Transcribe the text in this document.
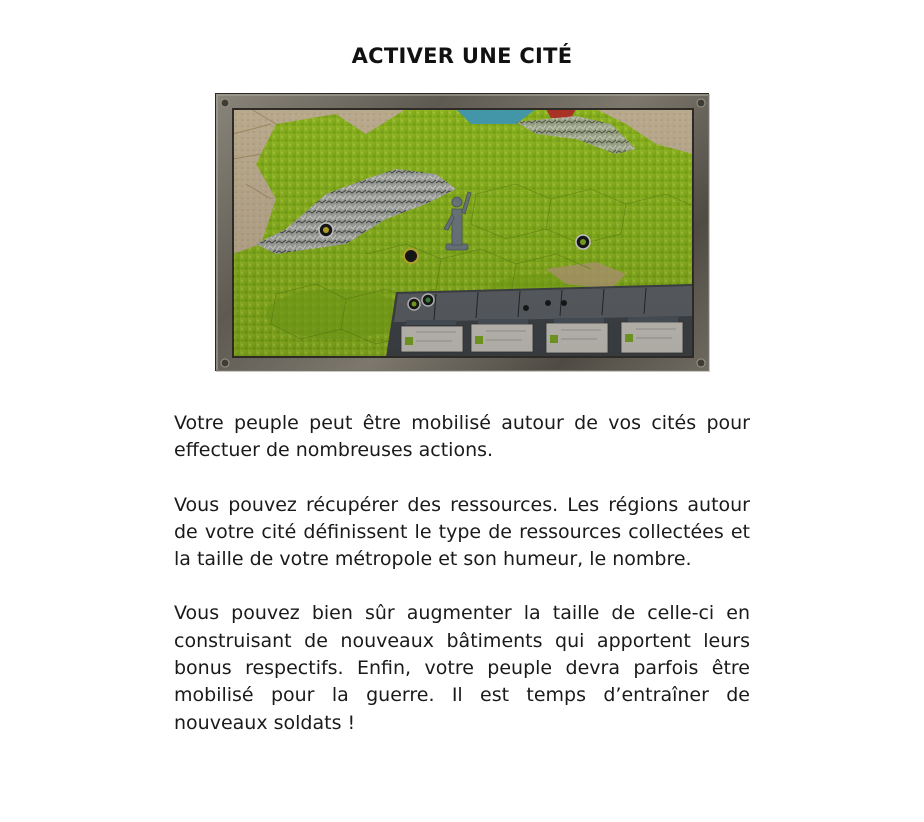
ACTIVER UNE CITÉ

Votre peuple peut être mobilisé autour de vos cités pour effectuer de nombreuses actions.

Vous pouvez récupérer des ressources. Les régions autour de votre cité définissent le type de ressources collectées et la taille de votre métropole et son humeur, le nombre.

Vous pouvez bien sûr augmenter la taille de celle-ci en construisant de nouveaux bâtiments qui apportent leurs bonus respectifs. Enfin, votre peuple devra parfois être mobilisé pour la guerre. Il est temps d’entraîner de nouveaux soldats !
